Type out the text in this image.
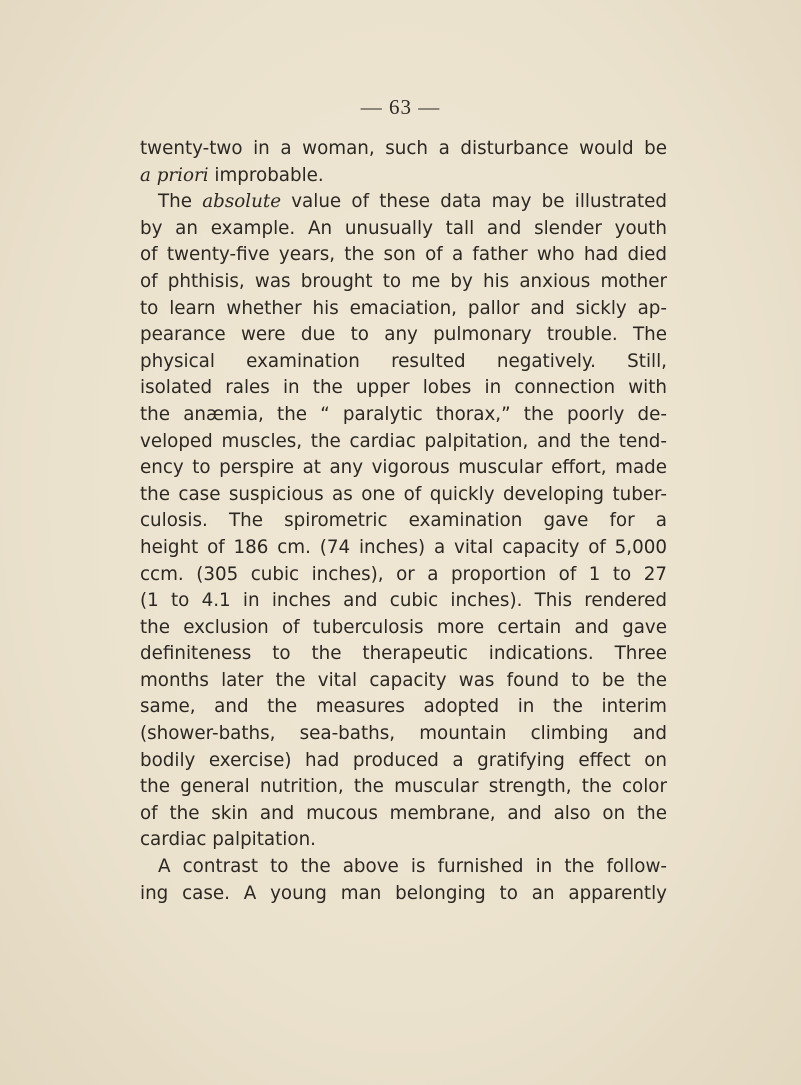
— 63 —
twenty-two in a woman, such a disturbance would be
a priori improbable.
The absolute value of these data may be illustrated
by an example. An unusually tall and slender youth
of twenty-five years, the son of a father who had died
of phthisis, was brought to me by his anxious mother
to learn whether his emaciation, pallor and sickly ap-
pearance were due to any pulmonary trouble. The
physical examination resulted negatively. Still,
isolated rales in the upper lobes in connection with
the anæmia, the “ paralytic thorax,” the poorly de-
veloped muscles, the cardiac palpitation, and the tend-
ency to perspire at any vigorous muscular effort, made
the case suspicious as one of quickly developing tuber-
culosis. The spirometric examination gave for a
height of 186 cm. (74 inches) a vital capacity of 5,000
ccm. (305 cubic inches), or a proportion of 1 to 27
(1 to 4.1 in inches and cubic inches). This rendered
the exclusion of tuberculosis more certain and gave
definiteness to the therapeutic indications. Three
months later the vital capacity was found to be the
same, and the measures adopted in the interim
(shower-baths, sea-baths, mountain climbing and
bodily exercise) had produced a gratifying effect on
the general nutrition, the muscular strength, the color
of the skin and mucous membrane, and also on the
cardiac palpitation.
A contrast to the above is furnished in the follow-
ing case. A young man belonging to an apparently
